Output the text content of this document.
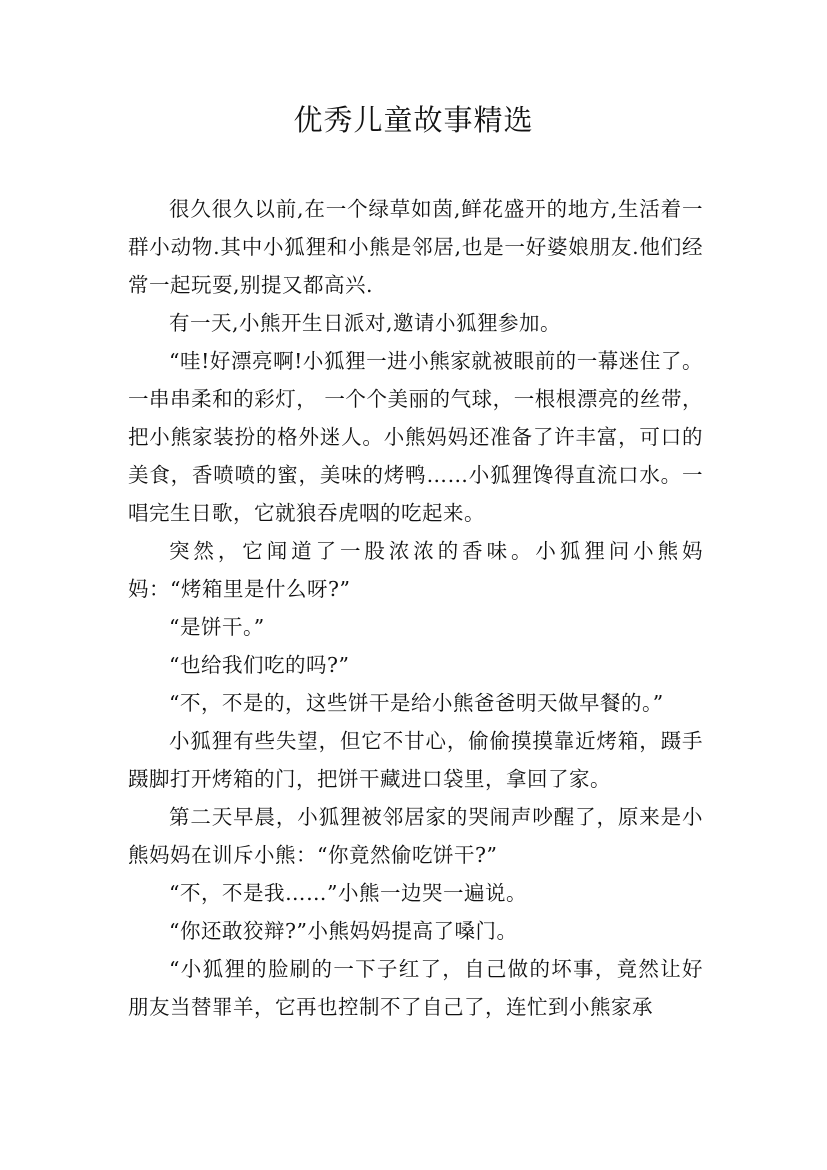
优秀儿童故事精选

很久很久以前,在一个绿草如茵,鲜花盛开的地方,生活着一群小动物.其中小狐狸和小熊是邻居,也是一好婆娘朋友.他们经常一起玩耍,别提又都高兴.

有一天,小熊开生日派对,邀请小狐狸参加。

“哇!好漂亮啊!小狐狸一进小熊家就被眼前的一幕迷住了。一串串柔和的彩灯， 一个个美丽的气球，一根根漂亮的丝带，把小熊家装扮的格外迷人。小熊妈妈还准备了许丰富，可口的美食，香喷喷的蜜，美味的烤鸭……小狐狸馋得直流口水。一唱完生日歌，它就狼吞虎咽的吃起来。

突然，它闻道了一股浓浓的香味。小狐狸问小熊妈妈：“烤箱里是什么呀?”

“是饼干。”

“也给我们吃的吗?”

“不，不是的，这些饼干是给小熊爸爸明天做早餐的。”

小狐狸有些失望，但它不甘心，偷偷摸摸靠近烤箱，蹑手蹑脚打开烤箱的门，把饼干藏进口袋里，拿回了家。

第二天早晨，小狐狸被邻居家的哭闹声吵醒了，原来是小熊妈妈在训斥小熊：“你竟然偷吃饼干?”

“不，不是我……”小熊一边哭一遍说。

“你还敢狡辩?”小熊妈妈提高了嗓门。

“小狐狸的脸刷的一下子红了，自己做的坏事，竟然让好朋友当替罪羊，它再也控制不了自己了，连忙到小熊家承
